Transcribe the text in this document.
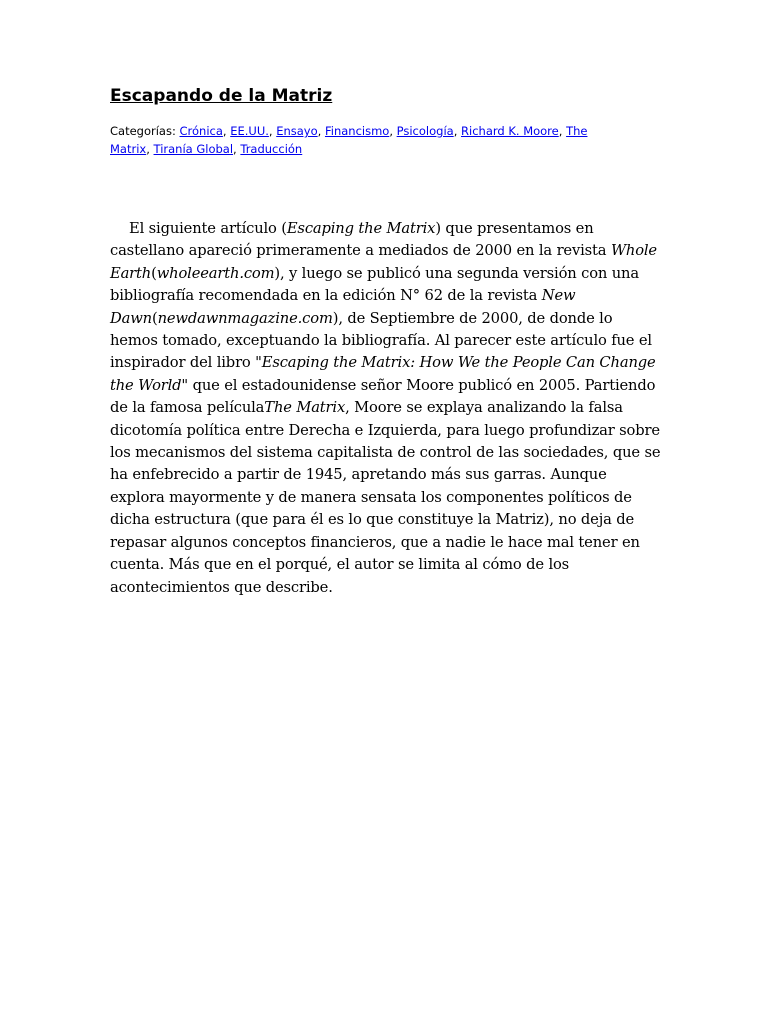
Escapando de la Matriz
Categorías: Crónica, EE.UU., Ensayo, Financismo, Psicología, Richard K. Moore, The Matrix, Tiranía Global, Traducción

El siguiente artículo (Escaping the Matrix) que presentamos en castellano apareció primeramente a mediados de 2000 en la revista Whole Earth(wholeearth.com), y luego se publicó una segunda versión con una bibliografía recomendada en la edición N° 62 de la revista New Dawn(newdawnmagazine.com), de Septiembre de 2000, de donde lo hemos tomado, exceptuando la bibliografía. Al parecer este artículo fue el inspirador del libro "Escaping the Matrix: How We the People Can Change the World" que el estadounidense señor Moore publicó en 2005. Partiendo de la famosa películaThe Matrix, Moore se explaya analizando la falsa dicotomía política entre Derecha e Izquierda, para luego profundizar sobre los mecanismos del sistema capitalista de control de las sociedades, que se ha enfebrecido a partir de 1945, apretando más sus garras. Aunque explora mayormente y de manera sensata los componentes políticos de dicha estructura (que para él es lo que constituye la Matriz), no deja de repasar algunos conceptos financieros, que a nadie le hace mal tener en cuenta. Más que en el porqué, el autor se limita al cómo de los acontecimientos que describe.
